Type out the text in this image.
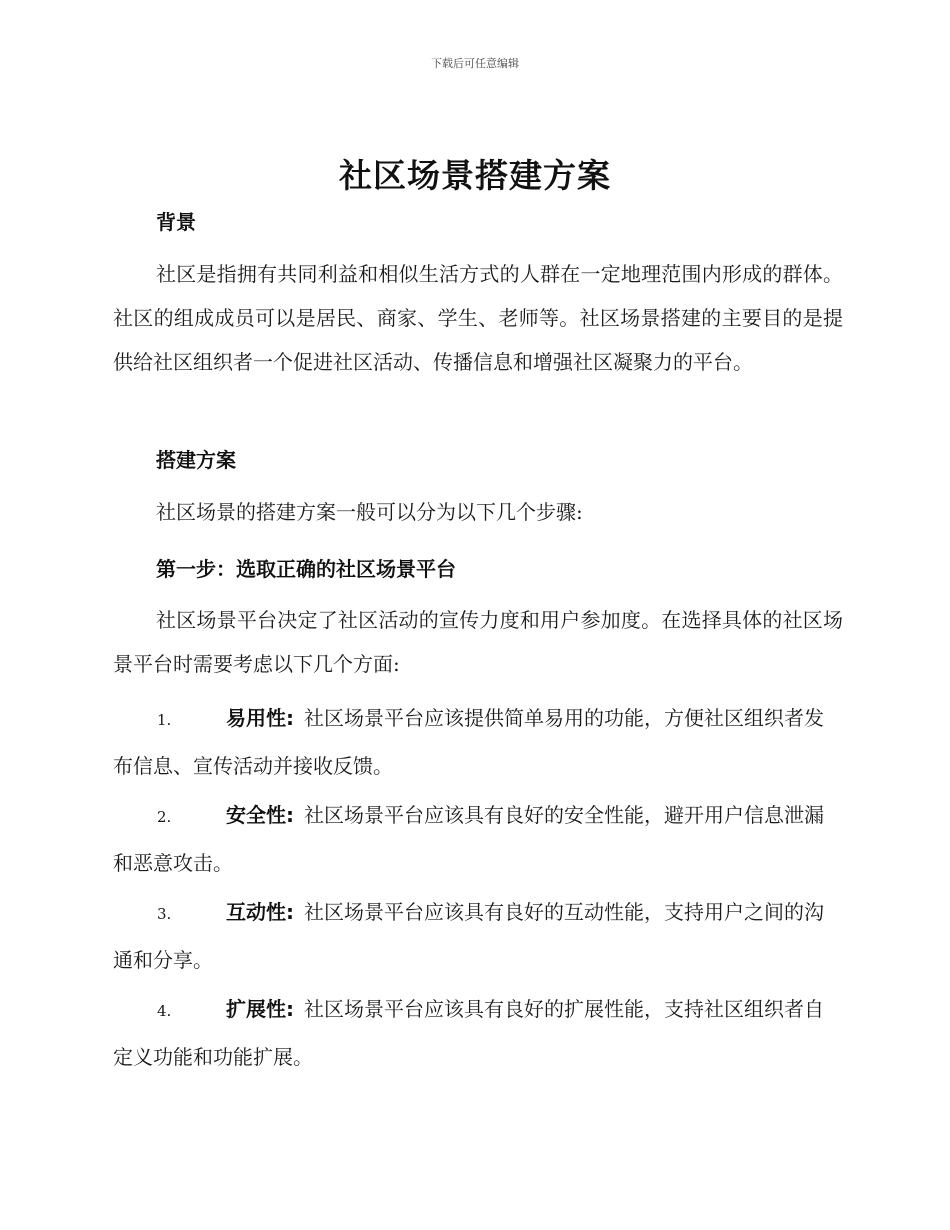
下载后可任意编辑
社区场景搭建方案
背景
社区是指拥有共同利益和相似生活方式的人群在一定地理范围内形成的群体。社区的组成成员可以是居民、商家、学生、老师等。社区场景搭建的主要目的是提供给社区组织者一个促进社区活动、传播信息和增强社区凝聚力的平台。
搭建方案
社区场景的搭建方案一般可以分为以下几个步骤:
第一步：选取正确的社区场景平台
社区场景平台决定了社区活动的宣传力度和用户参加度。在选择具体的社区场景平台时需要考虑以下几个方面:
1.	易用性: 社区场景平台应该提供简单易用的功能，方便社区组织者发布信息、宣传活动并接收反馈。
2.	安全性: 社区场景平台应该具有良好的安全性能，避开用户信息泄漏和恶意攻击。
3.	互动性: 社区场景平台应该具有良好的互动性能，支持用户之间的沟通和分享。
4.	扩展性: 社区场景平台应该具有良好的扩展性能，支持社区组织者自定义功能和功能扩展。
